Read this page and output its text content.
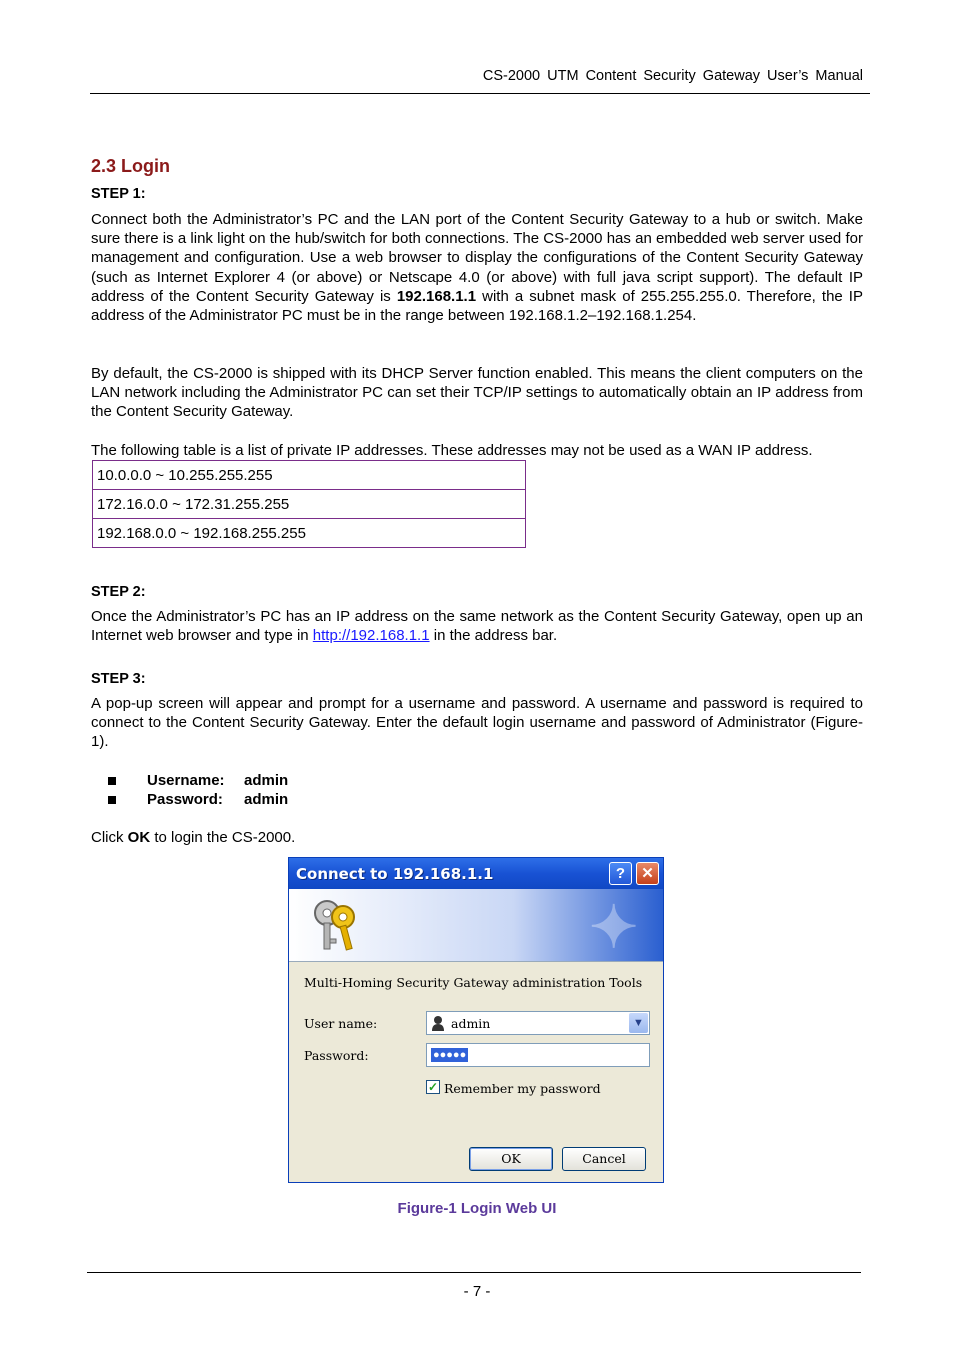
CS-2000 UTM Content Security Gateway User’s Manual
2.3 Login
STEP 1:
Connect both the Administrator’s PC and the LAN port of the Content Security Gateway to a hub or switch. Make sure there is a link light on the hub/switch for both connections. The CS-2000 has an embedded web server used for management and configuration. Use a web browser to display the configurations of the Content Security Gateway (such as Internet Explorer 4 (or above) or Netscape 4.0 (or above) with full java script support). The default IP address of the Content Security Gateway is 192.168.1.1 with a subnet mask of 255.255.255.0. Therefore, the IP address of the Administrator PC must be in the range between 192.168.1.2–192.168.1.254.
By default, the CS-2000 is shipped with its DHCP Server function enabled. This means the client computers on the LAN network including the Administrator PC can set their TCP/IP settings to automatically obtain an IP address from the Content Security Gateway.
The following table is a list of private IP addresses. These addresses may not be used as a WAN IP address.
10.0.0.0 ~ 10.255.255.255
172.16.0.0 ~ 172.31.255.255
192.168.0.0 ~ 192.168.255.255
STEP 2:
Once the Administrator’s PC has an IP address on the same network as the Content Security Gateway, open up an Internet web browser and type in http://192.168.1.1 in the address bar.
STEP 3:
A pop-up screen will appear and prompt for a username and password. A username and password is required to connect to the Content Security Gateway. Enter the default login username and password of Administrator (Figure-1).
Username:	admin
Password:	admin
Click OK to login the CS-2000.
Connect to 192.168.1.1	?	✕
✦
Multi-Homing Security Gateway administration Tools
User name:	admin	▼
Password:	●●●●●
✓ Remember my password
OK	Cancel
Figure-1 Login Web UI
- 7 -
